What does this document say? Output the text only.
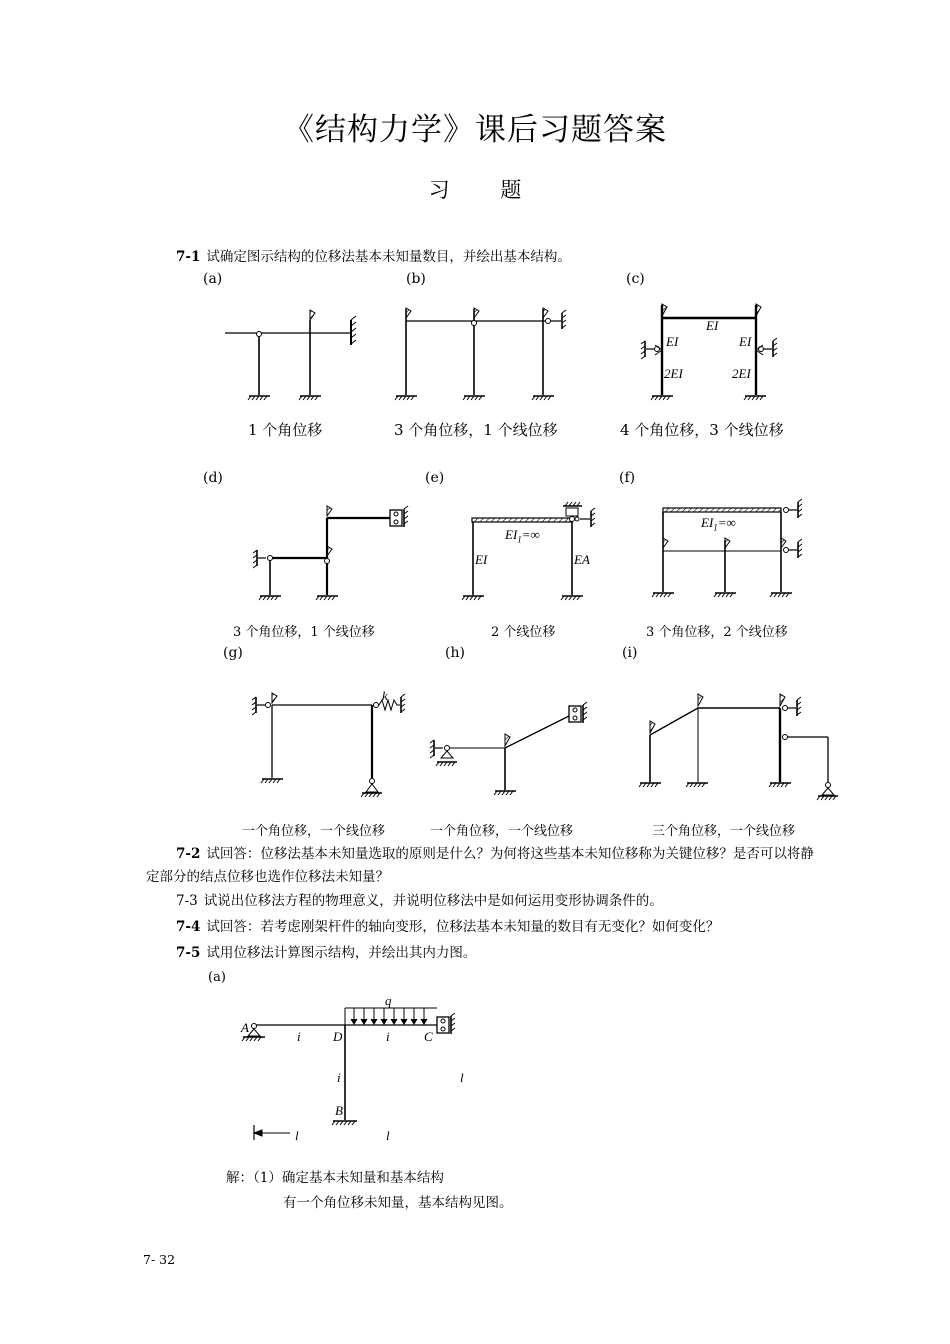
《结构力学》课后习题答案
习 题
7-1 试确定图示结构的位移法基本未知量数目，并绘出基本结构。
(a)	(b)	(c)
(d)	(e)	(f)
(g)	(h)	(i)
1 个角位移	3 个角位移，1 个线位移	4 个角位移，3 个线位移
3 个角位移，1 个线位移	2 个线位移	3 个角位移，2 个线位移
一个角位移，一个线位移	一个角位移，一个线位移	三个角位移，一个线位移
EI
EI	EI
2EI	2EI
$EI_1=\infty$
EI	EA
$EI_1=\infty$
k
7-2 试回答：位移法基本未知量选取的原则是什么？为何将这些基本未知位移称为关键位移？是否可以将静
定部分的结点位移也选作位移法未知量？
7-3 试说出位移法方程的物理意义，并说明位移法中是如何运用变形协调条件的。
7-4 试回答：若考虑刚架杆件的轴向变形，位移法基本未知量的数目有无变化？如何变化？
7-5 试用位移法计算图示结构，并绘出其内力图。
(a)
q
A
i D	i	C
i	l
B
l	l
解：（1）确定基本未知量和基本结构
有一个角位移未知量，基本结构见图。
7- 32
